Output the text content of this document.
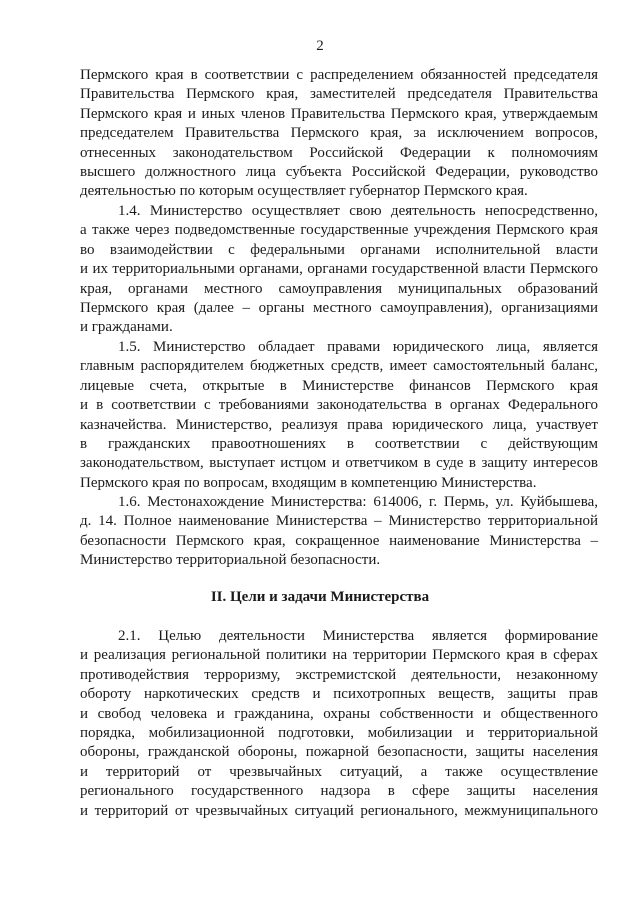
2
Пермского края в соответствии с распределением обязанностей председателя
Правительства Пермского края, заместителей председателя Правительства
Пермского края и иных членов Правительства Пермского края, утверждаемым
председателем Правительства Пермского края, за исключением вопросов,
отнесенных законодательством Российской Федерации к полномочиям
высшего должностного лица субъекта Российской Федерации, руководство
деятельностью по которым осуществляет губернатор Пермского края.
1.4. Министерство осуществляет свою деятельность непосредственно,
а также через подведомственные государственные учреждения Пермского края
во взаимодействии с федеральными органами исполнительной власти
и их территориальными органами, органами государственной власти Пермского
края, органами местного самоуправления муниципальных образований
Пермского края (далее – органы местного самоуправления), организациями
и гражданами.
1.5. Министерство обладает правами юридического лица, является
главным распорядителем бюджетных средств, имеет самостоятельный баланс,
лицевые счета, открытые в Министерстве финансов Пермского края
и в соответствии с требованиями законодательства в органах Федерального
казначейства. Министерство, реализуя права юридического лица, участвует
в гражданских правоотношениях в соответствии с действующим
законодательством, выступает истцом и ответчиком в суде в защиту интересов
Пермского края по вопросам, входящим в компетенцию Министерства.
1.6. Местонахождение Министерства: 614006, г. Пермь, ул. Куйбышева,
д. 14. Полное наименование Министерства – Министерство территориальной
безопасности Пермского края, сокращенное наименование Министерства –
Министерство территориальной безопасности.
II. Цели и задачи Министерства
2.1. Целью деятельности Министерства является формирование
и реализация региональной политики на территории Пермского края в сферах
противодействия терроризму, экстремистской деятельности, незаконному
обороту наркотических средств и психотропных веществ, защиты прав
и свобод человека и гражданина, охраны собственности и общественного
порядка, мобилизационной подготовки, мобилизации и территориальной
обороны, гражданской обороны, пожарной безопасности, защиты населения
и территорий от чрезвычайных ситуаций, а также осуществление
регионального государственного надзора в сфере защиты населения
и территорий от чрезвычайных ситуаций регионального, межмуниципального
